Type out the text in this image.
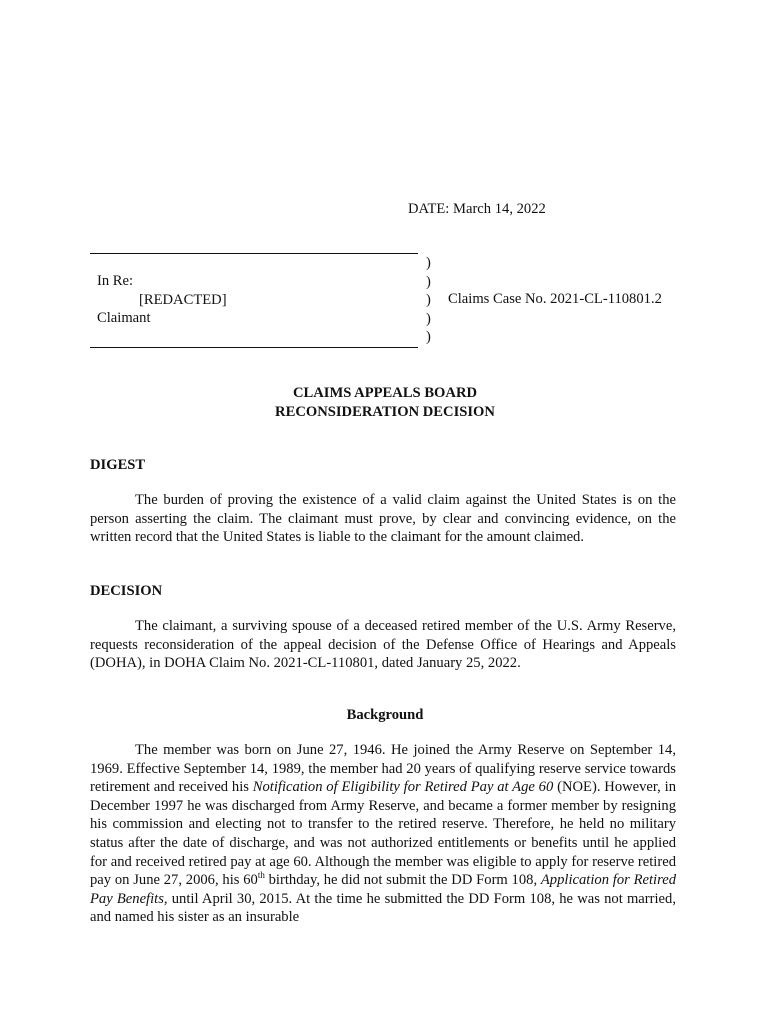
DATE: March 14, 2022
In Re:

[REDACTED]
Claimant
)
)
)
)
)
Claims Case No. 2021-CL-110801.2
CLAIMS APPEALS BOARD
RECONSIDERATION DECISION
DIGEST
The burden of proving the existence of a valid claim against the United States is on the person asserting the claim. The claimant must prove, by clear and convincing evidence, on the written record that the United States is liable to the claimant for the amount claimed.
DECISION
The claimant, a surviving spouse of a deceased retired member of the U.S. Army Reserve, requests reconsideration of the appeal decision of the Defense Office of Hearings and Appeals (DOHA), in DOHA Claim No. 2021-CL-110801, dated January 25, 2022.
Background
The member was born on June 27, 1946. He joined the Army Reserve on September 14, 1969. Effective September 14, 1989, the member had 20 years of qualifying reserve service towards retirement and received his Notification of Eligibility for Retired Pay at Age 60 (NOE). However, in December 1997 he was discharged from Army Reserve, and became a former member by resigning his commission and electing not to transfer to the retired reserve. Therefore, he held no military status after the date of discharge, and was not authorized entitlements or benefits until he applied for and received retired pay at age 60. Although the member was eligible to apply for reserve retired pay on June 27, 2006, his 60th birthday, he did not submit the DD Form 108, Application for Retired Pay Benefits, until April 30, 2015. At the time he submitted the DD Form 108, he was not married, and named his sister as an insurable
